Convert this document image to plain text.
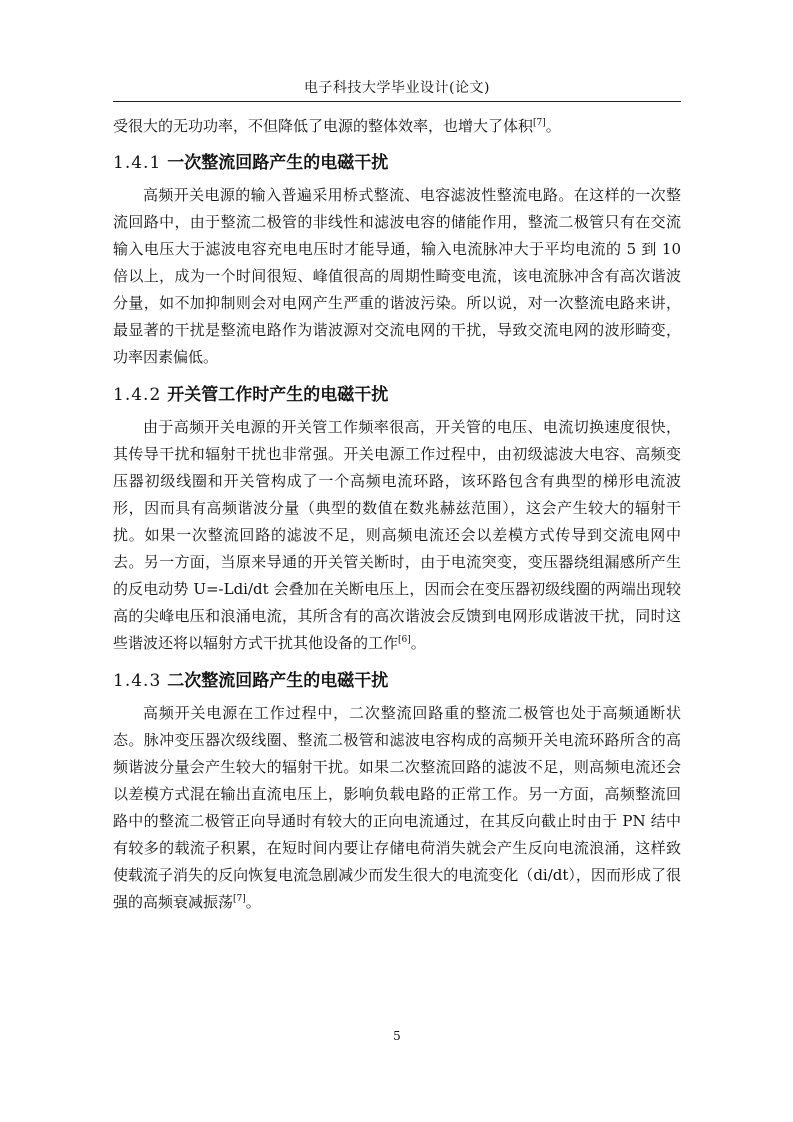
电子科技大学毕业设计(论文)

受很大的无功功率，不但降低了电源的整体效率，也增大了体积[7]。

1.4.1 一次整流回路产生的电磁干扰

高频开关电源的输入普遍采用桥式整流、电容滤波性整流电路。在这样的一次整流回路中，由于整流二极管的非线性和滤波电容的储能作用，整流二极管只有在交流输入电压大于滤波电容充电电压时才能导通，输入电流脉冲大于平均电流的 5 到 10 倍以上，成为一个时间很短、峰值很高的周期性畸变电流，该电流脉冲含有高次谐波分量，如不加抑制则会对电网产生严重的谐波污染。所以说，对一次整流电路来讲，最显著的干扰是整流电路作为谐波源对交流电网的干扰，导致交流电网的波形畸变，功率因素偏低。

1.4.2 开关管工作时产生的电磁干扰

由于高频开关电源的开关管工作频率很高，开关管的电压、电流切换速度很快，其传导干扰和辐射干扰也非常强。开关电源工作过程中，由初级滤波大电容、高频变压器初级线圈和开关管构成了一个高频电流环路，该环路包含有典型的梯形电流波形，因而具有高频谐波分量（典型的数值在数兆赫兹范围），这会产生较大的辐射干扰。如果一次整流回路的滤波不足，则高频电流还会以差模方式传导到交流电网中去。另一方面，当原来导通的开关管关断时，由于电流突变，变压器绕组漏感所产生的反电动势 U=-Ldi/dt 会叠加在关断电压上，因而会在变压器初级线圈的两端出现较高的尖峰电压和浪涌电流，其所含有的高次谐波会反馈到电网形成谐波干扰，同时这些谐波还将以辐射方式干扰其他设备的工作[6]。

1.4.3 二次整流回路产生的电磁干扰

高频开关电源在工作过程中，二次整流回路重的整流二极管也处于高频通断状态。脉冲变压器次级线圈、整流二极管和滤波电容构成的高频开关电流环路所含的高频谐波分量会产生较大的辐射干扰。如果二次整流回路的滤波不足，则高频电流还会以差模方式混在输出直流电压上，影响负载电路的正常工作。另一方面，高频整流回路中的整流二极管正向导通时有较大的正向电流通过，在其反向截止时由于 PN 结中有较多的载流子积累，在短时间内要让存储电荷消失就会产生反向电流浪涌，这样致使载流子消失的反向恢复电流急剧减少而发生很大的电流变化（di/dt），因而形成了很强的高频衰减振荡[7]。

5
